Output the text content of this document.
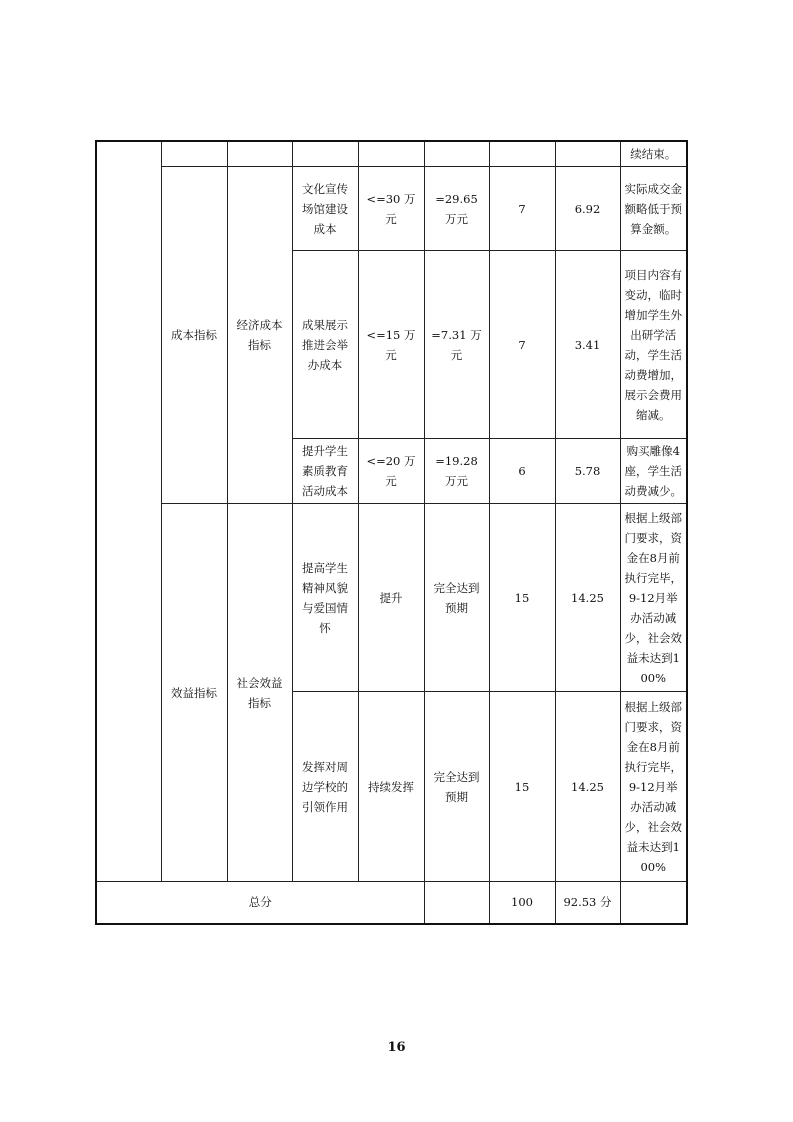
								续结束。
	成本指标	经济成本指标	文化宣传场馆建设成本	<=30 万元	=29.65 万元	7	6.92	实际成交金额略低于预算金额。
			成果展示推进会举办成本	<=15 万元	=7.31 万元	7	3.41	项目内容有变动，临时增加学生外出研学活动，学生活动费增加，展示会费用缩减。
			提升学生素质教育活动成本	<=20 万元	=19.28 万元	6	5.78	购买雕像4座，学生活动费减少。
	效益指标	社会效益指标	提高学生精神风貌与爱国情怀	提升	完全达到预期	15	14.25	根据上级部门要求，资金在8月前执行完毕，9-12月举办活动减少，社会效益未达到100%
			发挥对周边学校的引领作用	持续发挥	完全达到预期	15	14.25	根据上级部门要求，资金在8月前执行完毕，9-12月举办活动减少，社会效益未达到100%
总分						100	92.53 分	
16
